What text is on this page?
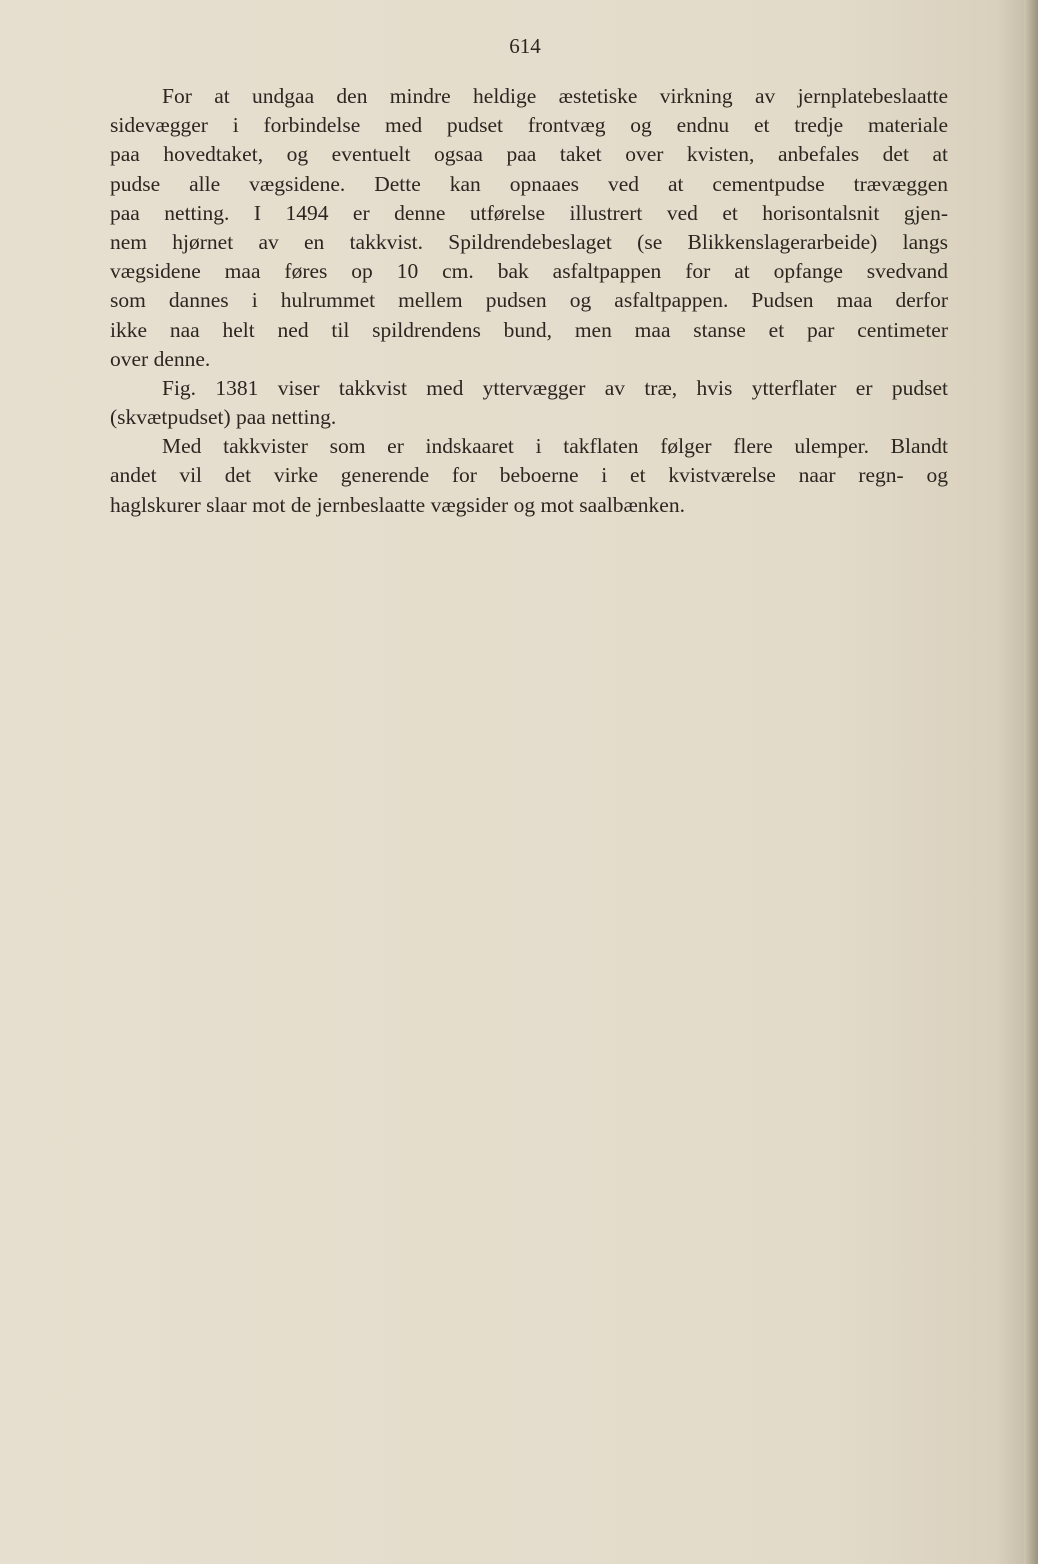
614
For at undgaa den mindre heldige æstetiske virkning av jernplatebeslaatte
sidevægger i forbindelse med pudset frontvæg og endnu et tredje materiale
paa hovedtaket, og eventuelt ogsaa paa taket over kvisten, anbefales det at
pudse alle vægsidene. Dette kan opnaaes ved at cementpudse trævæggen
paa netting. I 1494 er denne utførelse illustrert ved et horisontalsnit gjen-
nem hjørnet av en takkvist. Spildrendebeslaget (se Blikkenslagerarbeide) langs
vægsidene maa føres op 10 cm. bak asfaltpappen for at opfange svedvand
som dannes i hulrummet mellem pudsen og asfaltpappen. Pudsen maa derfor
ikke naa helt ned til spildrendens bund, men maa stanse et par centimeter
over denne.
Fig. 1381 viser takkvist med yttervægger av træ, hvis ytterflater er pudset
(skvætpudset) paa netting.
Med takkvister som er indskaaret i takflaten følger flere ulemper. Blandt
andet vil det virke generende for beboerne i et kvistværelse naar regn- og
haglskurer slaar mot de jernbeslaatte vægsider og mot saalbænken.
